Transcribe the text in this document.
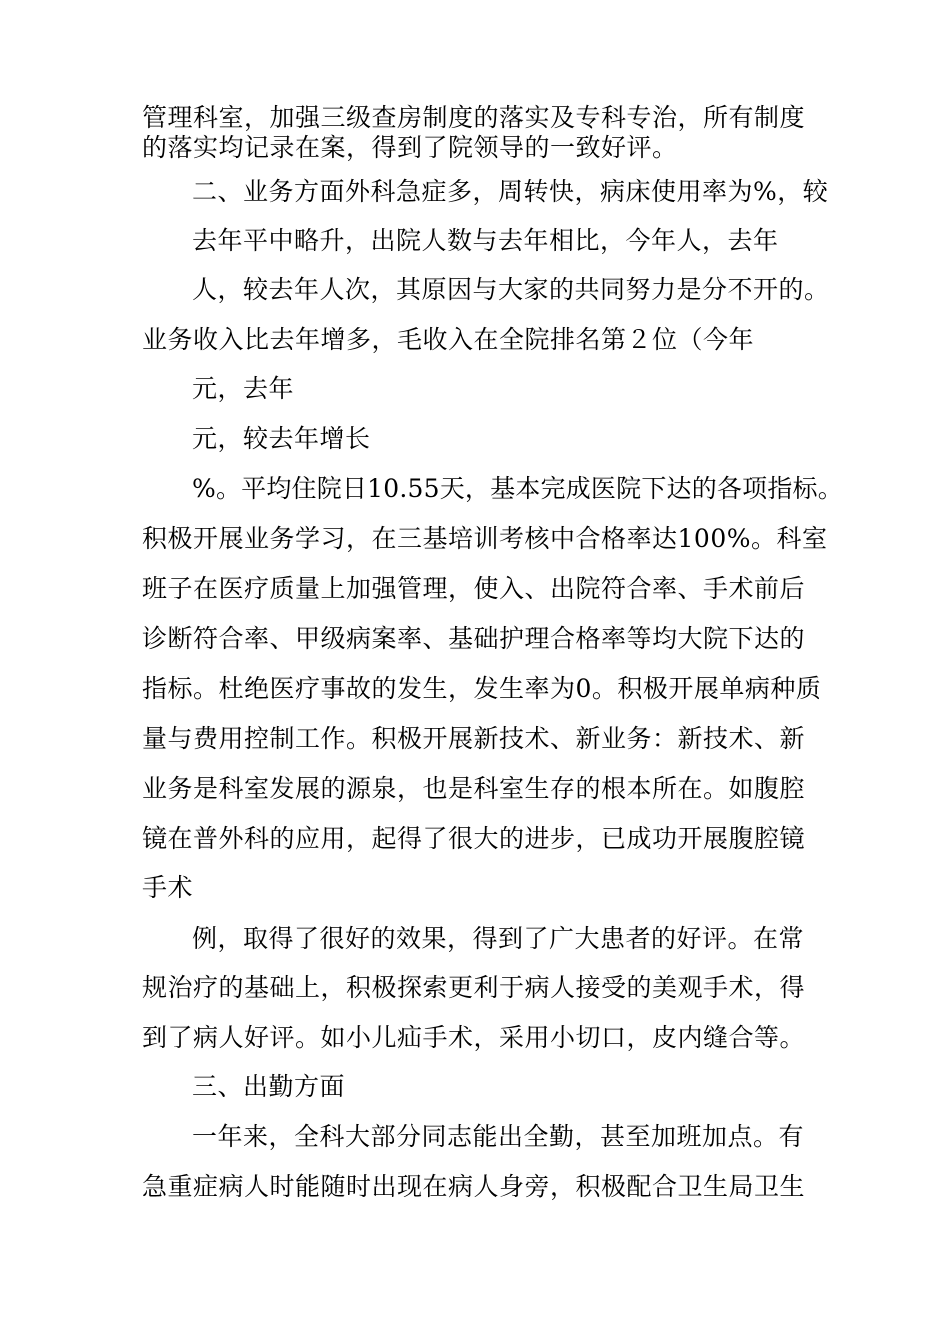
管理科室，加强三级查房制度的落实及专科专治，所有制度
的落实均记录在案，得到了院领导的一致好评。
二、业务方面外科急症多，周转快，病床使用率为%，较
去年平中略升，出院人数与去年相比，今年人，去年
人，较去年人次，其原因与大家的共同努力是分不开的。
业务收入比去年增多，毛收入在全院排名第２位（今年
元，去年
元，较去年增长
%。平均住院日10.55天，基本完成医院下达的各项指标。
积极开展业务学习，在三基培训考核中合格率达100%。科室
班子在医疗质量上加强管理，使入、出院符合率、手术前后
诊断符合率、甲级病案率、基础护理合格率等均大院下达的
指标。杜绝医疗事故的发生，发生率为0。积极开展单病种质
量与费用控制工作。积极开展新技术、新业务：新技术、新
业务是科室发展的源泉，也是科室生存的根本所在。如腹腔
镜在普外科的应用，起得了很大的进步，已成功开展腹腔镜
手术
例，取得了很好的效果，得到了广大患者的好评。在常
规治疗的基础上，积极探索更利于病人接受的美观手术，得
到了病人好评。如小儿疝手术，采用小切口，皮内缝合等。
三、出勤方面
一年来，全科大部分同志能出全勤，甚至加班加点。有
急重症病人时能随时出现在病人身旁，积极配合卫生局卫生
